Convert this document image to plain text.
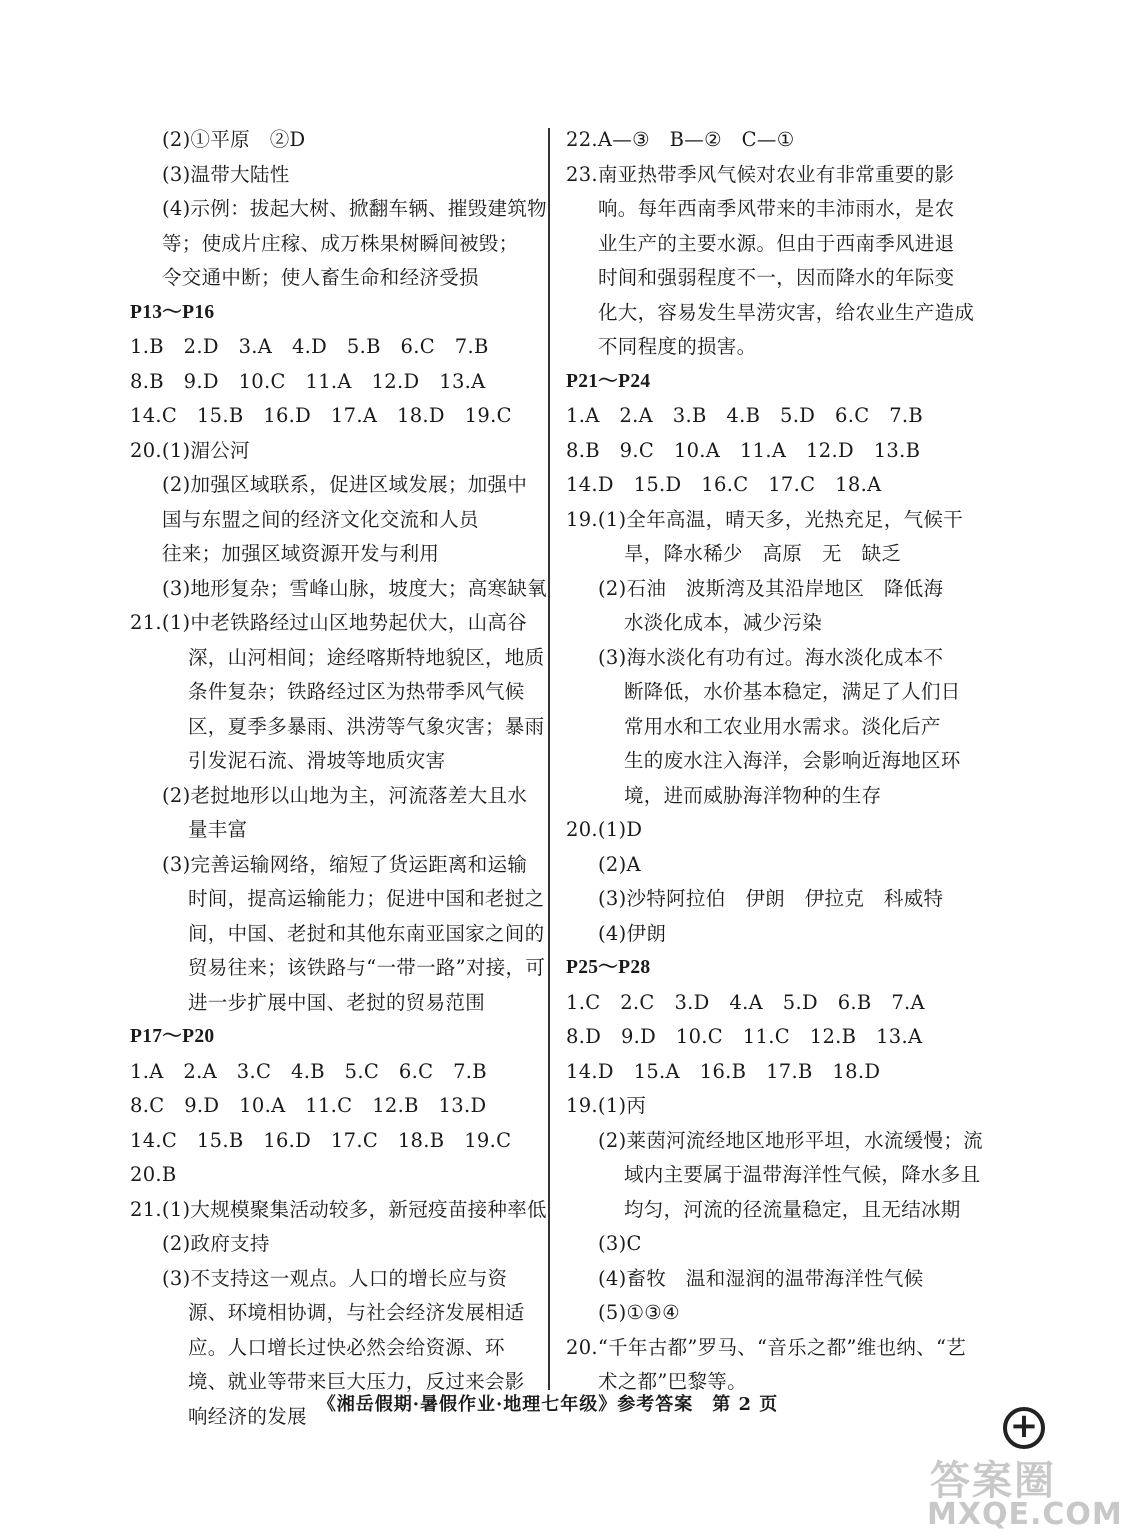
(2)①平原　②D
(3)温带大陆性
(4)示例：拔起大树、掀翻车辆、摧毁建筑物
等；使成片庄稼、成万株果树瞬间被毁；
令交通中断；使人畜生命和经济受损
P13～P16
1.B　2.D　3.A　4.D　5.B　6.C　7.B
8.B　9.D　10.C　11.A　12.D　13.A
14.C　15.B　16.D　17.A　18.D　19.C
20.(1)湄公河
(2)加强区域联系，促进区域发展；加强中
国与东盟之间的经济文化交流和人员
往来；加强区域资源开发与利用
(3)地形复杂；雪峰山脉，坡度大；高寒缺氧
21.(1)中老铁路经过山区地势起伏大，山高谷
深，山河相间；途经喀斯特地貌区，地质
条件复杂；铁路经过区为热带季风气候
区，夏季多暴雨、洪涝等气象灾害；暴雨
引发泥石流、滑坡等地质灾害
(2)老挝地形以山地为主，河流落差大且水
量丰富
(3)完善运输网络，缩短了货运距离和运输
时间，提高运输能力；促进中国和老挝之
间，中国、老挝和其他东南亚国家之间的
贸易往来；该铁路与“一带一路”对接，可
进一步扩展中国、老挝的贸易范围
P17～P20
1.A　2.A　3.C　4.B　5.C　6.C　7.B
8.C　9.D　10.A　11.C　12.B　13.D
14.C　15.B　16.D　17.C　18.B　19.C
20.B
21.(1)大规模聚集活动较多，新冠疫苗接种率低
(2)政府支持
(3)不支持这一观点。人口的增长应与资
源、环境相协调，与社会经济发展相适
应。人口增长过快必然会给资源、环
境、就业等带来巨大压力，反过来会影
响经济的发展
22.A—③　B—②　C—①
23.南亚热带季风气候对农业有非常重要的影
响。每年西南季风带来的丰沛雨水，是农
业生产的主要水源。但由于西南季风进退
时间和强弱程度不一，因而降水的年际变
化大，容易发生旱涝灾害，给农业生产造成
不同程度的损害。
P21～P24
1.A　2.A　3.B　4.B　5.D　6.C　7.B
8.B　9.C　10.A　11.A　12.D　13.B
14.D　15.D　16.C　17.C　18.A
19.(1)全年高温，晴天多，光热充足，气候干
旱，降水稀少　高原　无　缺乏
(2)石油　波斯湾及其沿岸地区　降低海
水淡化成本，减少污染
(3)海水淡化有功有过。海水淡化成本不
断降低，水价基本稳定，满足了人们日
常用水和工农业用水需求。淡化后产
生的废水注入海洋，会影响近海地区环
境，进而威胁海洋物种的生存
20.(1)D
(2)A
(3)沙特阿拉伯　伊朗　伊拉克　科威特
(4)伊朗
P25～P28
1.C　2.C　3.D　4.A　5.D　6.B　7.A
8.D　9.D　10.C　11.C　12.B　13.A
14.D　15.A　16.B　17.B　18.D
19.(1)丙
(2)莱茵河流经地区地形平坦，水流缓慢；流
域内主要属于温带海洋性气候，降水多且
均匀，河流的径流量稳定，且无结冰期
(3)C
(4)畜牧　温和湿润的温带海洋性气候
(5)①③④
20.“千年古都”罗马、“音乐之都”维也纳、“艺
术之都”巴黎等。
《湘岳假期·暑假作业·地理七年级》参考答案　第 2 页
+
答案圈
MXQE.COM
